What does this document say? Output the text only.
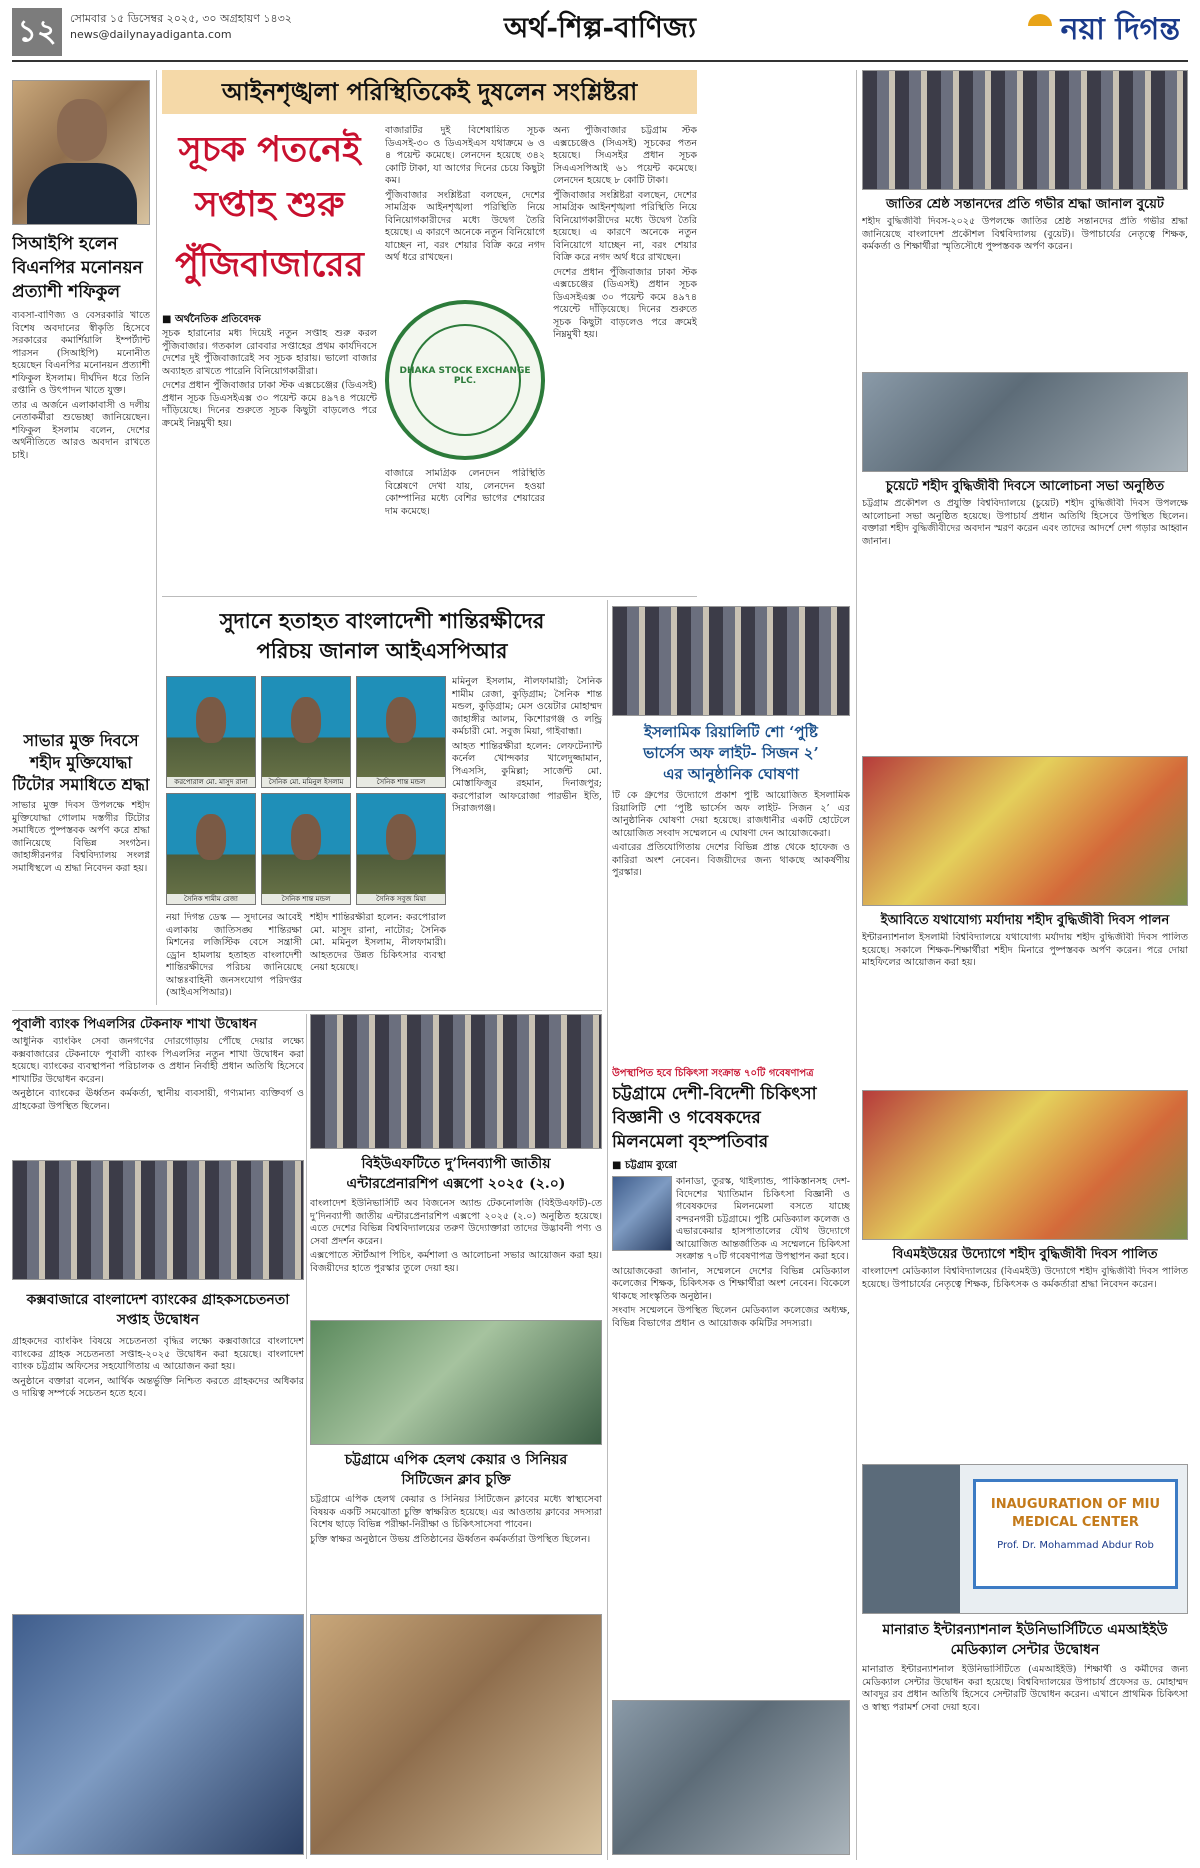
১২	সোমবার ১৫ ডিসেম্বর ২০২৫, ৩০ অগ্রহায়ণ ১৪৩২
news@dailynayadiganta.com	অর্থ-শিল্প-বাণিজ্য	নয়া দিগন্ত
সিআইপি হলেন বিএনপির মনোনয়ন প্রত্যাশী শফিকুল

ব্যবসা-বাণিজ্য ও বেসরকারি খাতে বিশেষ অবদানের স্বীকৃতি হিসেবে সরকারের কমার্শিয়ালি ইম্পর্ট্যান্ট পারসন (সিআইপি) মনোনীত হয়েছেন বিএনপির মনোনয়ন প্রত্যাশী শফিকুল ইসলাম। দীর্ঘদিন ধরে তিনি রপ্তানি ও উৎপাদন খাতে যুক্ত।

তার এ অর্জনে এলাকাবাসী ও দলীয় নেতাকর্মীরা শুভেচ্ছা জানিয়েছেন। শফিকুল ইসলাম বলেন, দেশের অর্থনীতিতে আরও অবদান রাখতে চাই।

সাভার মুক্ত দিবসে শহীদ মুক্তিযোদ্ধা টিটোর সমাধিতে শ্রদ্ধা

সাভার মুক্ত দিবস উপলক্ষে শহীদ মুক্তিযোদ্ধা গোলাম দস্তগীর টিটোর সমাধিতে পুষ্পস্তবক অর্পণ করে শ্রদ্ধা জানিয়েছে বিভিন্ন সংগঠন। জাহাঙ্গীরনগর বিশ্ববিদ্যালয় সংলগ্ন সমাধিস্থলে এ শ্রদ্ধা নিবেদন করা হয়।

আইনশৃঙ্খলা পরিস্থিতিকেই দুষলেন সংশ্লিষ্টরা
সূচক পতনেই
সপ্তাহ শুরু
পুঁজিবাজারের
■ অর্থনৈতিক প্রতিবেদক

সূচক হারানোর মধ্য দিয়েই নতুন সপ্তাহ শুরু করল পুঁজিবাজার। গতকাল রোববার সপ্তাহের প্রথম কার্যদিবসে দেশের দুই পুঁজিবাজারেই সব সূচক হারায়। ভালো বাজার অব্যাহত রাখতে পারেনি বিনিয়োগকারীরা।

দেশের প্রধান পুঁজিবাজার ঢাকা স্টক এক্সচেঞ্জের (ডিএসই) প্রধান সূচক ডিএসইএক্স ৩০ পয়েন্ট কমে ৪৯৭৪ পয়েন্টে দাঁড়িয়েছে। দিনের শুরুতে সূচক কিছুটা বাড়লেও পরে ক্রমেই নিম্নমুখী হয়।

বাজারটির দুই বিশেষায়িত সূচক ডিএসই-৩০ ও ডিএসইএস যথাক্রমে ৬ ও ৪ পয়েন্ট কমেছে। লেনদেন হয়েছে ৩৪২ কোটি টাকা, যা আগের দিনের চেয়ে কিছুটা কম।

পুঁজিবাজার সংশ্লিষ্টরা বলছেন, দেশের সামগ্রিক আইনশৃঙ্খলা পরিস্থিতি নিয়ে বিনিয়োগকারীদের মধ্যে উদ্বেগ তৈরি হয়েছে। এ কারণে অনেকে নতুন বিনিয়োগে যাচ্ছেন না, বরং শেয়ার বিক্রি করে নগদ অর্থ ধরে রাখছেন।

DHAKA STOCK EXCHANGE PLC.

বাজারে সামগ্রিক লেনদেন পরিস্থিতি বিশ্লেষণে দেখা যায়, লেনদেন হওয়া কোম্পানির মধ্যে বেশির ভাগের শেয়ারের দাম কমেছে।

অন্য পুঁজিবাজার চট্টগ্রাম স্টক এক্সচেঞ্জেও (সিএসই) সূচকের পতন হয়েছে। সিএসইর প্রধান সূচক সিএএসপিআই ৬১ পয়েন্ট কমেছে। লেনদেন হয়েছে ৮ কোটি টাকা।

পুঁজিবাজার সংশ্লিষ্টরা বলছেন, দেশের সামগ্রিক আইনশৃঙ্খলা পরিস্থিতি নিয়ে বিনিয়োগকারীদের মধ্যে উদ্বেগ তৈরি হয়েছে। এ কারণে অনেকে নতুন বিনিয়োগে যাচ্ছেন না, বরং শেয়ার বিক্রি করে নগদ অর্থ ধরে রাখছেন।

দেশের প্রধান পুঁজিবাজার ঢাকা স্টক এক্সচেঞ্জের (ডিএসই) প্রধান সূচক ডিএসইএক্স ৩০ পয়েন্ট কমে ৪৯৭৪ পয়েন্টে দাঁড়িয়েছে। দিনের শুরুতে সূচক কিছুটা বাড়লেও পরে ক্রমেই নিম্নমুখী হয়।

সুদানে হতাহত বাংলাদেশী শান্তিরক্ষীদের
পরিচয় জানাল আইএসপিআর
করপোরাল মো. মাসুদ রানা	সৈনিক মো. মমিনুল ইসলাম	সৈনিক শান্ত মন্ডল
সৈনিক শামীম রেজা	সৈনিক শান্ত মন্ডল	সৈনিক সবুজ মিয়া

মমিনুল ইসলাম, নীলফামারী; সৈনিক শামীম রেজা, কুড়িগ্রাম; সৈনিক শান্ত মন্ডল, কুড়িগ্রাম; মেস ওয়েটার মোহাম্মদ জাহাঙ্গীর আলম, কিশোরগঞ্জ ও লন্ড্রি কর্মচারী মো. সবুজ মিয়া, গাইবান্ধা।

আহত শান্তিরক্ষীরা হলেন: লেফটেন্যান্ট কর্নেল খোন্দকার খালেদুজ্জামান, পিএসসি, কুমিল্লা; সার্জেন্ট মো. মোস্তাফিজুর রহমান, দিনাজপুর; করপোরাল আফরোজা পারভীন ইতি, সিরাজগঞ্জ।

নয়া দিগন্ত ডেস্ক — সুদানের আবেই এলাকায় জাতিসঙ্ঘ শান্তিরক্ষা মিশনের লজিস্টিক বেসে সন্ত্রাসী ড্রোন হামলায় হতাহত বাংলাদেশী শান্তিরক্ষীদের পরিচয় জানিয়েছে আন্তঃবাহিনী জনসংযোগ পরিদপ্তর (আইএসপিআর)।

শহীদ শান্তিরক্ষীরা হলেন: করপোরাল মো. মাসুদ রানা, নাটোর; সৈনিক মো. মমিনুল ইসলাম, নীলফামারী। আহতদের উন্নত চিকিৎসার ব্যবস্থা নেয়া হয়েছে।

ইসলামিক রিয়ালিটি শো ‘পুষ্টি
ভার্সেস অফ লাইট- সিজন ২’
এর আনুষ্ঠানিক ঘোষণা

টি কে গ্রুপের উদ্যোগে প্রকাশ পুষ্টি আয়োজিত ইসলামিক রিয়ালিটি শো ‘পুষ্টি ভার্সেস অফ লাইট- সিজন ২’ এর আনুষ্ঠানিক ঘোষণা দেয়া হয়েছে। রাজধানীর একটি হোটেলে আয়োজিত সংবাদ সম্মেলনে এ ঘোষণা দেন আয়োজকেরা।

এবারের প্রতিযোগিতায় দেশের বিভিন্ন প্রান্ত থেকে হাফেজ ও কারিরা অংশ নেবেন। বিজয়ীদের জন্য থাকছে আকর্ষণীয় পুরস্কার।

উপস্থাপিত হবে চিকিৎসা সংক্রান্ত ৭০টি গবেষণাপত্র
চট্টগ্রামে দেশী-বিদেশী চিকিৎসা
বিজ্ঞানী ও গবেষকদের
মিলনমেলা বৃহস্পতিবার
■ চট্টগ্রাম ব্যুরো

কানাডা, তুরস্ক, থাইল্যান্ড, পাকিস্তানসহ দেশ-বিদেশের খ্যাতিমান চিকিৎসা বিজ্ঞানী ও গবেষকদের মিলনমেলা বসতে যাচ্ছে বন্দরনগরী চট্টগ্রামে। পুষ্টি মেডিক্যাল কলেজ ও এভারকেয়ার হাসপাতালের যৌথ উদ্যোগে আয়োজিত আন্তর্জাতিক এ সম্মেলনে চিকিৎসা সংক্রান্ত ৭০টি গবেষণাপত্র উপস্থাপন করা হবে।

আয়োজকেরা জানান, সম্মেলনে দেশের বিভিন্ন মেডিক্যাল কলেজের শিক্ষক, চিকিৎসক ও শিক্ষার্থীরা অংশ নেবেন। বিকেলে থাকছে সাংস্কৃতিক অনুষ্ঠান।

সংবাদ সম্মেলনে উপস্থিত ছিলেন মেডিক্যাল কলেজের অধ্যক্ষ, বিভিন্ন বিভাগের প্রধান ও আয়োজক কমিটির সদস্যরা।

বিইউএফটিতে দু’দিনব্যাপী জাতীয়
এন্টারপ্রেনারশিপ এক্সপো ২০২৫ (২.০)

বাংলাদেশ ইউনিভার্সিটি অব বিজনেস অ্যান্ড টেকনোলজি (বিইউএফটি)-তে দু’দিনব্যাপী জাতীয় এন্টারপ্রেনারশিপ এক্সপো ২০২৫ (২.০) অনুষ্ঠিত হয়েছে। এতে দেশের বিভিন্ন বিশ্ববিদ্যালয়ের তরুণ উদ্যোক্তারা তাদের উদ্ভাবনী পণ্য ও সেবা প্রদর্শন করেন।

এক্সপোতে স্টার্টআপ পিচিং, কর্মশালা ও আলোচনা সভার আয়োজন করা হয়। বিজয়ীদের হাতে পুরস্কার তুলে দেয়া হয়।

চট্টগ্রামে এপিক হেলথ কেয়ার ও সিনিয়র
সিটিজেন ক্লাব চুক্তি

চট্টগ্রামে এপিক হেলথ কেয়ার ও সিনিয়র সিটিজেন ক্লাবের মধ্যে স্বাস্থ্যসেবা বিষয়ক একটি সমঝোতা চুক্তি স্বাক্ষরিত হয়েছে। এর আওতায় ক্লাবের সদস্যরা বিশেষ ছাড়ে বিভিন্ন পরীক্ষা-নিরীক্ষা ও চিকিৎসাসেবা পাবেন।

চুক্তি স্বাক্ষর অনুষ্ঠানে উভয় প্রতিষ্ঠানের ঊর্ধ্বতন কর্মকর্তারা উপস্থিত ছিলেন।

পূবালী ব্যাংক পিএলসির টেকনাফ শাখা উদ্বোধন

আধুনিক ব্যাংকিং সেবা জনগণের দোরগোড়ায় পৌঁছে দেয়ার লক্ষ্যে কক্সবাজারের টেকনাফে পূবালী ব্যাংক পিএলসির নতুন শাখা উদ্বোধন করা হয়েছে। ব্যাংকের ব্যবস্থাপনা পরিচালক ও প্রধান নির্বাহী প্রধান অতিথি হিসেবে শাখাটির উদ্বোধন করেন।

অনুষ্ঠানে ব্যাংকের ঊর্ধ্বতন কর্মকর্তা, স্থানীয় ব্যবসায়ী, গণ্যমান্য ব্যক্তিবর্গ ও গ্রাহকেরা উপস্থিত ছিলেন।

কক্সবাজারে বাংলাদেশ ব্যাংকের গ্রাহকসচেতনতা সপ্তাহ উদ্বোধন

গ্রাহকদের ব্যাংকিং বিষয়ে সচেতনতা বৃদ্ধির লক্ষ্যে কক্সবাজারে বাংলাদেশ ব্যাংকের গ্রাহক সচেতনতা সপ্তাহ-২০২৫ উদ্বোধন করা হয়েছে। বাংলাদেশ ব্যাংক চট্টগ্রাম অফিসের সহযোগিতায় এ আয়োজন করা হয়।

অনুষ্ঠানে বক্তারা বলেন, আর্থিক অন্তর্ভুক্তি নিশ্চিত করতে গ্রাহকদের অধিকার ও দায়িত্ব সম্পর্কে সচেতন হতে হবে।

জাতির শ্রেষ্ঠ সন্তানদের প্রতি গভীর শ্রদ্ধা জানাল বুয়েট
শহীদ বুদ্ধিজীবী দিবস-২০২৫ উপলক্ষে জাতির শ্রেষ্ঠ সন্তানদের প্রতি গভীর শ্রদ্ধা জানিয়েছে বাংলাদেশ প্রকৌশল বিশ্ববিদ্যালয় (বুয়েট)। উপাচার্যের নেতৃত্বে শিক্ষক, কর্মকর্তা ও শিক্ষার্থীরা স্মৃতিসৌধে পুষ্পস্তবক অর্পণ করেন।
চুয়েটে শহীদ বুদ্ধিজীবী দিবসে আলোচনা সভা অনুষ্ঠিত
চট্টগ্রাম প্রকৌশল ও প্রযুক্তি বিশ্ববিদ্যালয়ে (চুয়েট) শহীদ বুদ্ধিজীবী দিবস উপলক্ষে আলোচনা সভা অনুষ্ঠিত হয়েছে। উপাচার্য প্রধান অতিথি হিসেবে উপস্থিত ছিলেন। বক্তারা শহীদ বুদ্ধিজীবীদের অবদান স্মরণ করেন এবং তাদের আদর্শে দেশ গড়ার আহ্বান জানান।
ইআবিতে যথাযোগ্য মর্যাদায় শহীদ বুদ্ধিজীবী দিবস পালন
ইন্টারন্যাশনাল ইসলামী বিশ্ববিদ্যালয়ে যথাযোগ্য মর্যাদায় শহীদ বুদ্ধিজীবী দিবস পালিত হয়েছে। সকালে শিক্ষক-শিক্ষার্থীরা শহীদ মিনারে পুষ্পস্তবক অর্পণ করেন। পরে দোয়া মাহফিলের আয়োজন করা হয়।
বিএমইউয়ের উদ্যোগে শহীদ বুদ্ধিজীবী দিবস পালিত
বাংলাদেশ মেডিক্যাল বিশ্ববিদ্যালয়ের (বিএমইউ) উদ্যোগে শহীদ বুদ্ধিজীবী দিবস পালিত হয়েছে। উপাচার্যের নেতৃত্বে শিক্ষক, চিকিৎসক ও কর্মকর্তারা শ্রদ্ধা নিবেদন করেন।
INAUGURATION OF MIU MEDICAL CENTER
Prof. Dr. Mohammad Abdur Rob
মানারাত ইন্টারন্যাশনাল ইউনিভার্সিটিতে এমআইইউ
মেডিক্যাল সেন্টার উদ্বোধন
মানারাত ইন্টারন্যাশনাল ইউনিভার্সিটিতে (এমআইইউ) শিক্ষার্থী ও কর্মীদের জন্য মেডিক্যাল সেন্টার উদ্বোধন করা হয়েছে। বিশ্ববিদ্যালয়ের উপাচার্য প্রফেসর ড. মোহাম্মদ আবদুর রব প্রধান অতিথি হিসেবে সেন্টারটি উদ্বোধন করেন। এখানে প্রাথমিক চিকিৎসা ও স্বাস্থ্য পরামর্শ সেবা দেয়া হবে।
